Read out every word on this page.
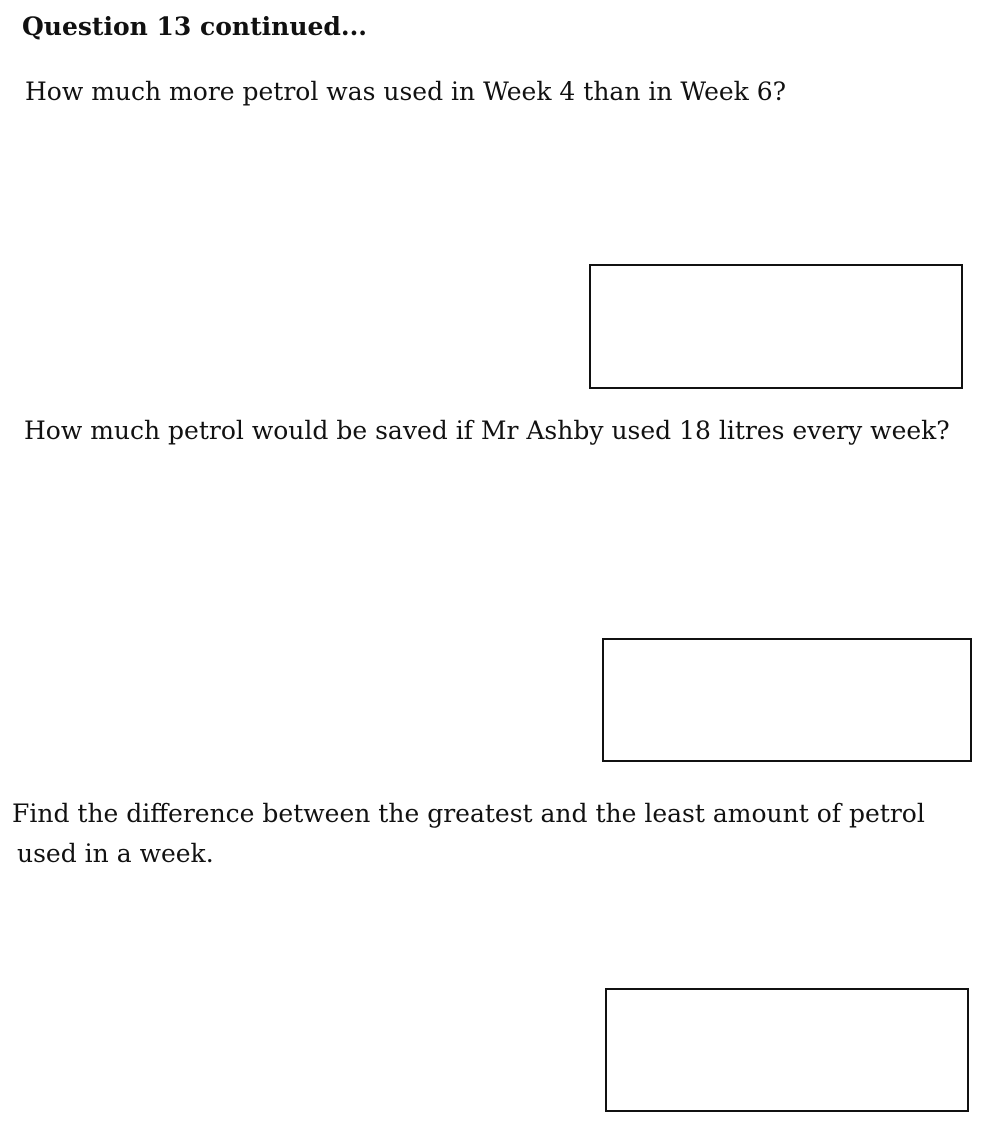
Question 13 continued...
How much more petrol was used in Week 4 than in Week 6?
How much petrol would be saved if Mr Ashby used 18 litres every week?
Find the difference between the greatest and the least amount of petrol
used in a week.
